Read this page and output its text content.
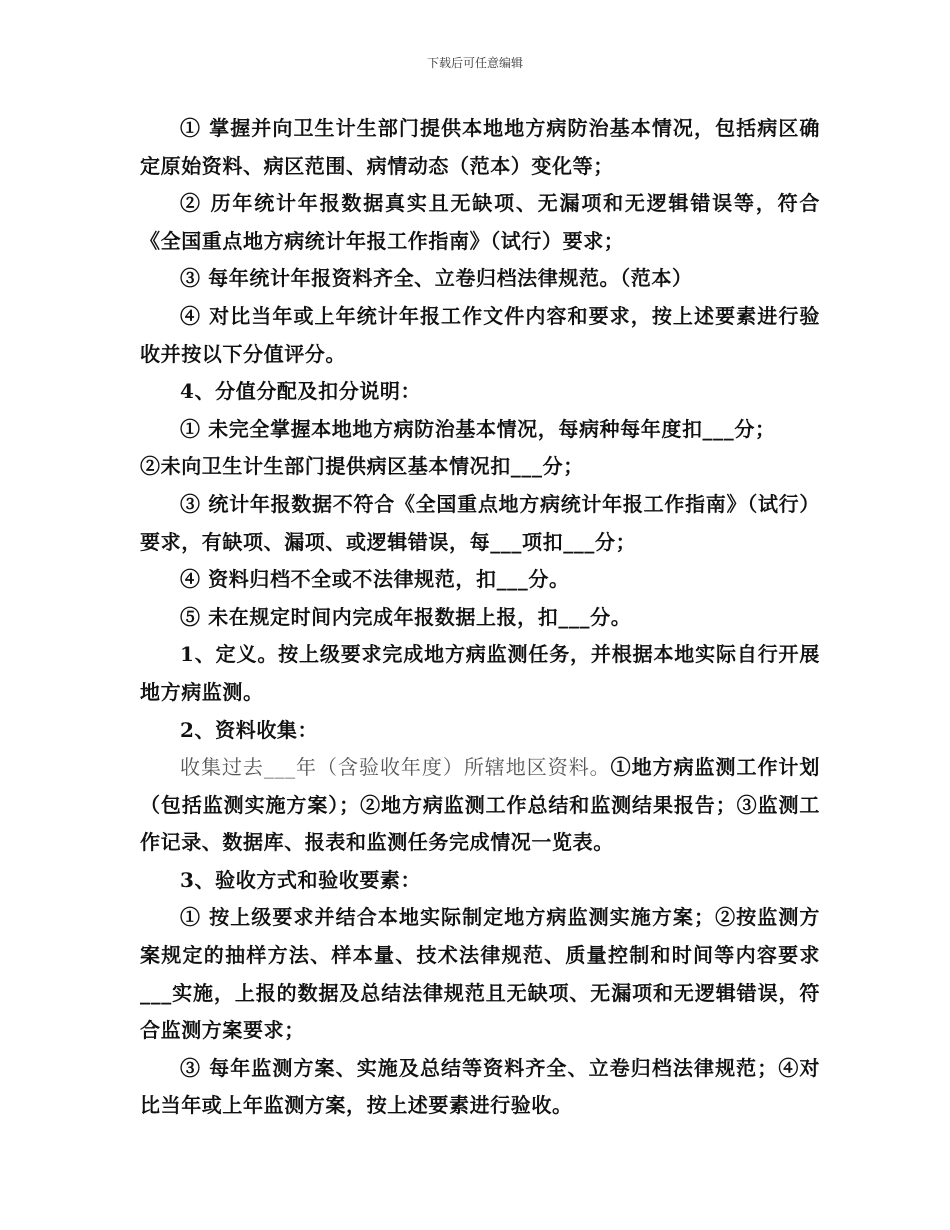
下载后可任意编辑

① 掌握并向卫生计生部门提供本地地方病防治基本情况，包括病区确定原始资料、病区范围、病情动态（范本）变化等；

② 历年统计年报数据真实且无缺项、无漏项和无逻辑错误等，符合《全国重点地方病统计年报工作指南》（试行）要求；

③ 每年统计年报资料齐全、立卷归档法律规范。（范本）

④ 对比当年或上年统计年报工作文件内容和要求，按上述要素进行验收并按以下分值评分。

4、分值分配及扣分说明：

① 未完全掌握本地地方病防治基本情况，每病种每年度扣___分；

②未向卫生计生部门提供病区基本情况扣___分；

③ 统计年报数据不符合《全国重点地方病统计年报工作指南》（试行）要求，有缺项、漏项、或逻辑错误，每___项扣___分；

④ 资料归档不全或不法律规范，扣___分。

⑤ 未在规定时间内完成年报数据上报，扣___分。

1、定义。按上级要求完成地方病监测任务，并根据本地实际自行开展地方病监测。

2、资料收集：

收集过去___年（含验收年度）所辖地区资料。①地方病监测工作计划（包括监测实施方案）；②地方病监测工作总结和监测结果报告；③监测工作记录、数据库、报表和监测任务完成情况一览表。

3、验收方式和验收要素：

① 按上级要求并结合本地实际制定地方病监测实施方案；②按监测方案规定的抽样方法、样本量、技术法律规范、质量控制和时间等内容要求___实施，上报的数据及总结法律规范且无缺项、无漏项和无逻辑错误，符合监测方案要求；

③ 每年监测方案、实施及总结等资料齐全、立卷归档法律规范；④对比当年或上年监测方案，按上述要素进行验收。
